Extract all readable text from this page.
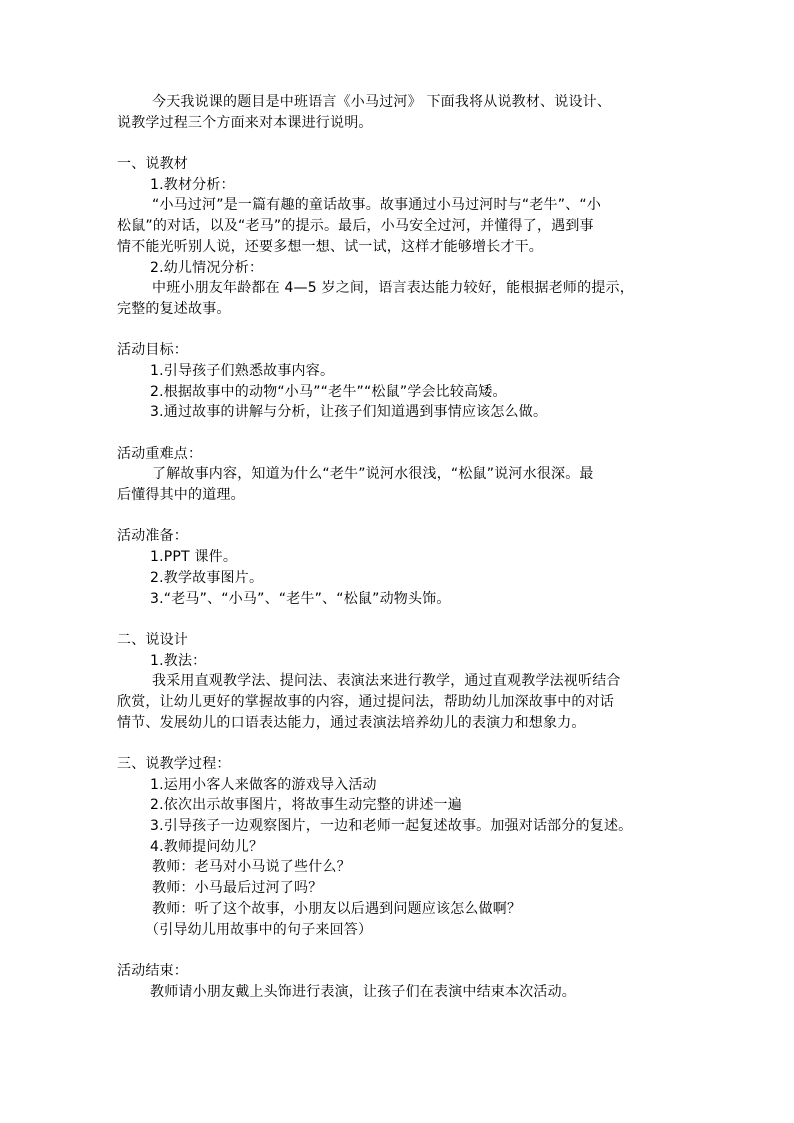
今天我说课的题目是中班语言《小马过河》 下面我将从说教材、说设计、
说教学过程三个方面来对本课进行说明。
一、说教材
1.教材分析：
“小马过河”是一篇有趣的童话故事。故事通过小马过河时与“老牛”、“小
松鼠”的对话，以及“老马”的提示。最后，小马安全过河，并懂得了，遇到事
情不能光听别人说，还要多想一想、试一试，这样才能够增长才干。
2.幼儿情况分析：
中班小朋友年龄都在 4—5 岁之间，语言表达能力较好，能根据老师的提示，
完整的复述故事。
活动目标：
1.引导孩子们熟悉故事内容。
2.根据故事中的动物“小马”“老牛”“松鼠”学会比较高矮。
3.通过故事的讲解与分析，让孩子们知道遇到事情应该怎么做。
活动重难点：
了解故事内容，知道为什么“老牛”说河水很浅，“松鼠”说河水很深。最
后懂得其中的道理。
活动准备：
1.PPT 课件。
2.教学故事图片。
3.“老马”、“小马”、“老牛”、“松鼠”动物头饰。
二、说设计
1.教法：
我采用直观教学法、提问法、表演法来进行教学，通过直观教学法视听结合
欣赏，让幼儿更好的掌握故事的内容，通过提问法，帮助幼儿加深故事中的对话
情节、发展幼儿的口语表达能力，通过表演法培养幼儿的表演力和想象力。
三、说教学过程：
1.运用小客人来做客的游戏导入活动
2.依次出示故事图片，将故事生动完整的讲述一遍
3.引导孩子一边观察图片，一边和老师一起复述故事。加强对话部分的复述。
4.教师提问幼儿？
教师：老马对小马说了些什么？
教师：小马最后过河了吗？
教师：听了这个故事，小朋友以后遇到问题应该怎么做啊？
（引导幼儿用故事中的句子来回答）
活动结束：
教师请小朋友戴上头饰进行表演，让孩子们在表演中结束本次活动。
